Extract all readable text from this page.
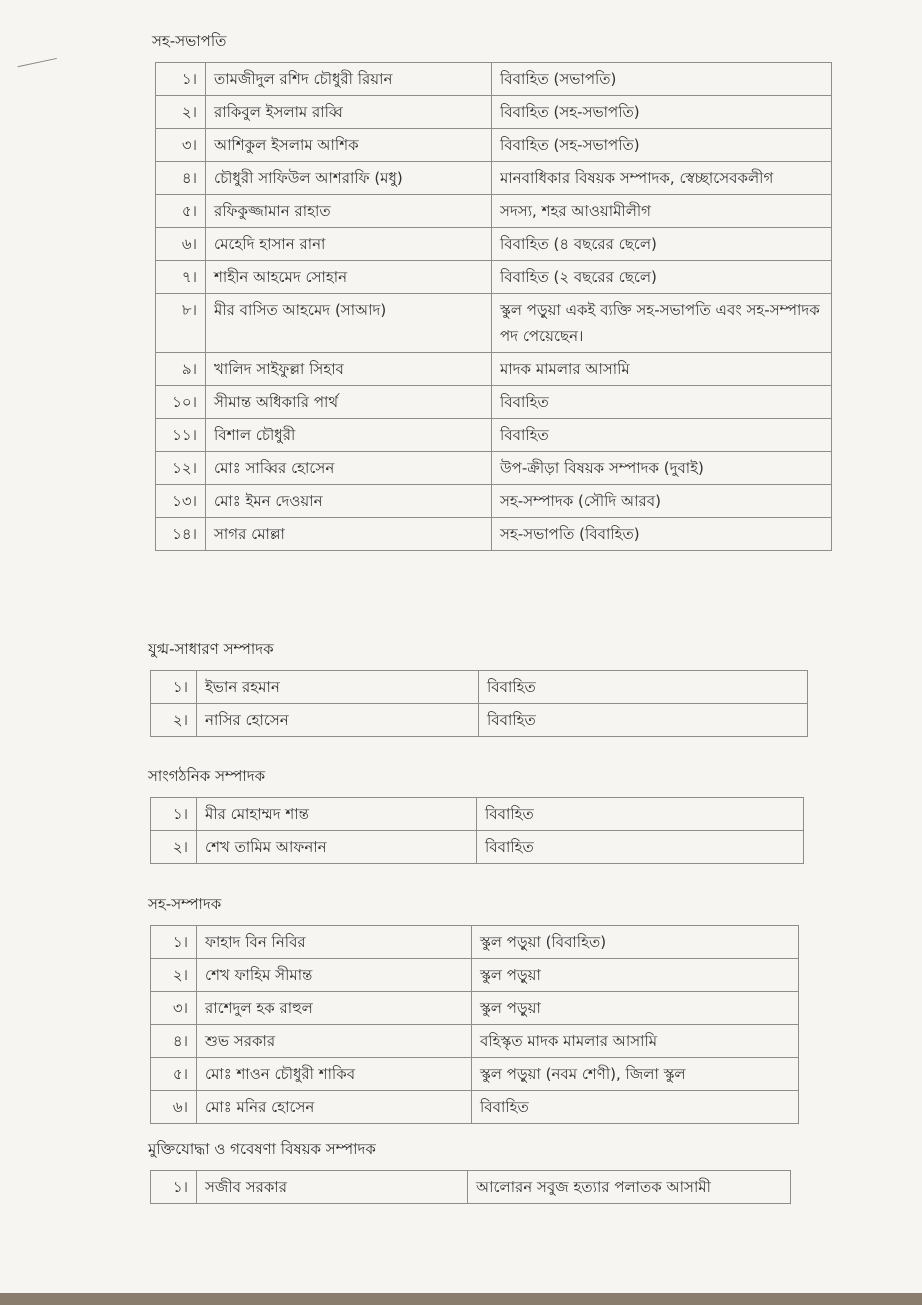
সহ-সভাপতি
১।	তামজীদুল রশিদ চৌধুরী রিয়ান	বিবাহিত (সভাপতি)
২।	রাকিবুল ইসলাম রাব্বি	বিবাহিত (সহ-সভাপতি)
৩।	আশিকুল ইসলাম আশিক	বিবাহিত (সহ-সভাপতি)
৪।	চৌধুরী সাফিউল আশরাফি (মধু)	মানবাধিকার বিষয়ক সম্পাদক, স্বেচ্ছাসেবকলীগ
৫।	রফিকুজ্জামান রাহাত	সদস্য, শহর আওয়ামীলীগ
৬।	মেহেদি হাসান রানা	বিবাহিত (৪ বছরের ছেলে)
৭।	শাহীন আহমেদ সোহান	বিবাহিত (২ বছরের ছেলে)
৮।	মীর বাসিত আহমেদ (সাআদ)	স্কুল পড়ুয়া একই ব্যক্তি সহ-সভাপতি এবং সহ-সম্পাদক পদ পেয়েছেন।
৯।	খালিদ সাইফুল্লা সিহাব	মাদক মামলার আসামি
১০।	সীমান্ত অধিকারি পার্থ	বিবাহিত
১১।	বিশাল চৌধুরী	বিবাহিত
১২।	মোঃ সাব্বির হোসেন	উপ-ক্রীড়া বিষয়ক সম্পাদক (দুবাই)
১৩।	মোঃ ইমন দেওয়ান	সহ-সম্পাদক (সৌদি আরব)
১৪।	সাগর মোল্লা	সহ-সভাপতি (বিবাহিত)
যুগ্ম-সাধারণ সম্পাদক
১।	ইভান রহমান	বিবাহিত
২।	নাসির হোসেন	বিবাহিত
সাংগঠনিক সম্পাদক
১।	মীর মোহাম্মদ শান্ত	বিবাহিত
২।	শেখ তামিম আফনান	বিবাহিত
সহ-সম্পাদক
১।	ফাহাদ বিন নিবির	স্কুল পড়ুয়া (বিবাহিত)
২।	শেখ ফাহিম সীমান্ত	স্কুল পড়ুয়া
৩।	রাশেদুল হক রাহুল	স্কুল পড়ুয়া
৪।	শুভ সরকার	বহিস্কৃত মাদক মামলার আসামি
৫।	মোঃ শাওন চৌধুরী শাকিব	স্কুল পড়ুয়া (নবম শেণী), জিলা স্কুল
৬।	মোঃ মনির হোসেন	বিবাহিত
মুক্তিযোদ্ধা ও গবেষণা বিষয়ক সম্পাদক
১।	সজীব সরকার	আলোরন সবুজ হত্যার পলাতক আসামী
